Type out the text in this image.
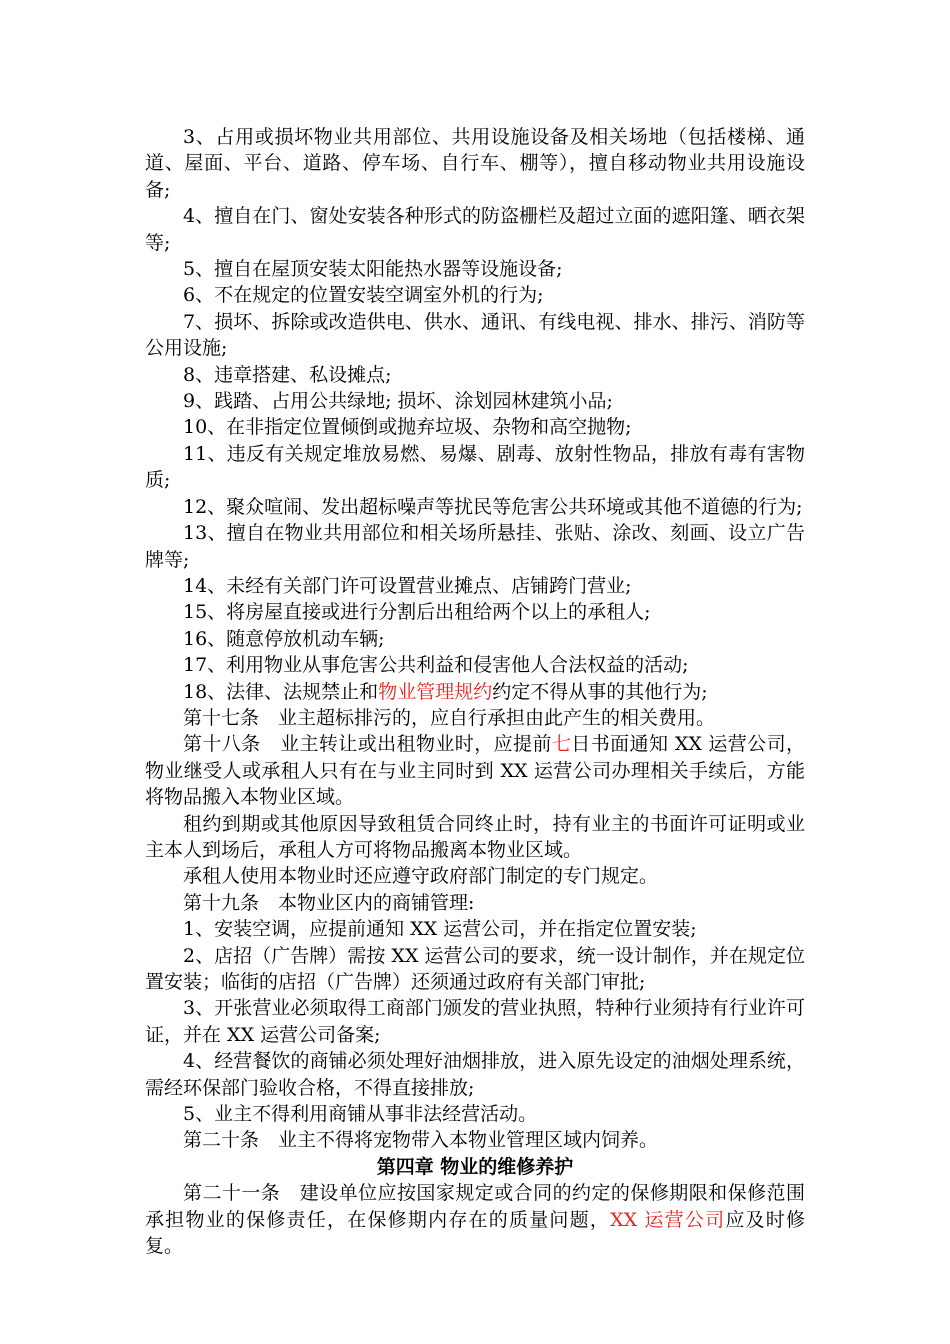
3、占用或损坏物业共用部位、共用设施设备及相关场地（包括楼梯、通道、屋面、平台、道路、停车场、自行车、棚等），擅自移动物业共用设施设备;

4、擅自在门、窗处安装各种形式的防盗栅栏及超过立面的遮阳篷、晒衣架等;

5、擅自在屋顶安装太阳能热水器等设施设备;

6、不在规定的位置安装空调室外机的行为;

7、损坏、拆除或改造供电、供水、通讯、有线电视、排水、排污、消防等公用设施;

8、违章搭建、私设摊点;

9、践踏、占用公共绿地; 损坏、涂划园林建筑小品;

10、在非指定位置倾倒或抛弃垃圾、杂物和高空抛物;

11、违反有关规定堆放易燃、易爆、剧毒、放射性物品，排放有毒有害物质;

12、聚众喧闹、发出超标噪声等扰民等危害公共环境或其他不道德的行为;

13、擅自在物业共用部位和相关场所悬挂、张贴、涂改、刻画、设立广告牌等;

14、未经有关部门许可设置营业摊点、店铺跨门营业;

15、将房屋直接或进行分割后出租给两个以上的承租人;

16、随意停放机动车辆;

17、利用物业从事危害公共利益和侵害他人合法权益的活动;

18、法律、法规禁止和物业管理规约约定不得从事的其他行为;

第十七条　业主超标排污的，应自行承担由此产生的相关费用。

第十八条　业主转让或出租物业时，应提前七日书面通知 XX 运营公司，物业继受人或承租人只有在与业主同时到 XX 运营公司办理相关手续后，方能将物品搬入本物业区域。

租约到期或其他原因导致租赁合同终止时，持有业主的书面许可证明或业主本人到场后，承租人方可将物品搬离本物业区域。

承租人使用本物业时还应遵守政府部门制定的专门规定。

第十九条　本物业区内的商铺管理:

1、安装空调，应提前通知 XX 运营公司，并在指定位置安装;

2、店招（广告牌）需按 XX 运营公司的要求，统一设计制作，并在规定位置安装；临街的店招（广告牌）还须通过政府有关部门审批;

3、开张营业必须取得工商部门颁发的营业执照，特种行业须持有行业许可证，并在 XX 运营公司备案;

4、经营餐饮的商铺必须处理好油烟排放，进入原先设定的油烟处理系统，需经环保部门验收合格，不得直接排放;

5、业主不得利用商铺从事非法经营活动。

第二十条　业主不得将宠物带入本物业管理区域内饲养。

第四章 物业的维修养护

第二十一条　建设单位应按国家规定或合同的约定的保修期限和保修范围承担物业的保修责任，在保修期内存在的质量问题，XX 运营公司应及时修复。
